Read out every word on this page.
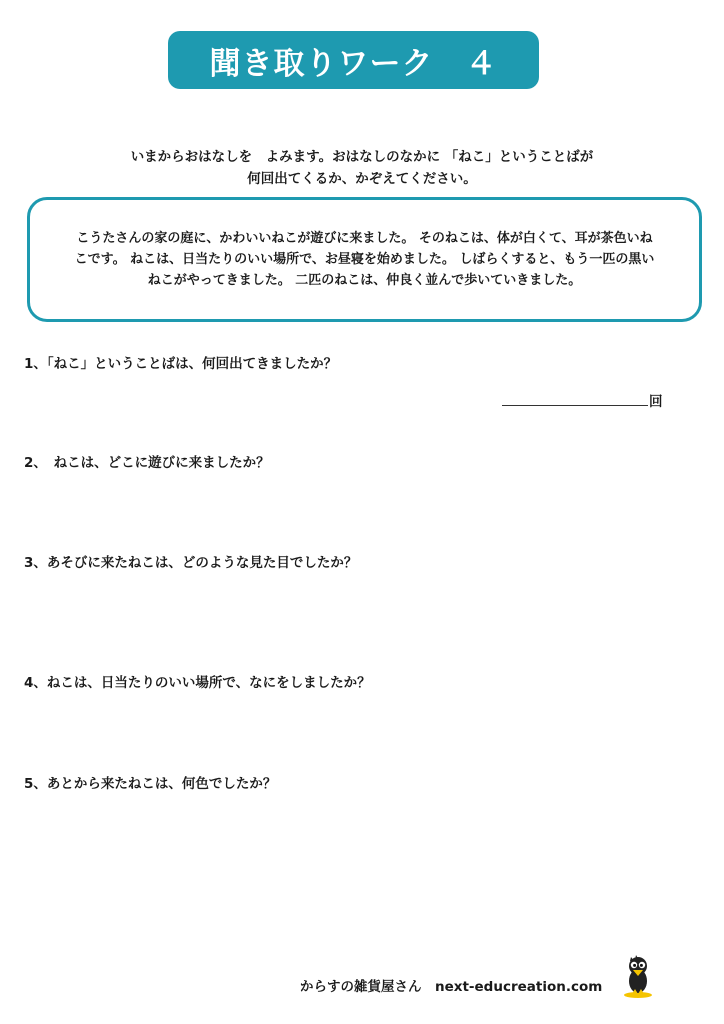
聞き取りワーク　４
いまからおはなしを　よみます。おはなしのなかに 「ねこ」ということばが
何回出てくるか、かぞえてください。
こうたさんの家の庭に、かわいいねこが遊びに来ました。 そのねこは、体が白くて、耳が茶色いね
こです。 ねこは、日当たりのいい場所で、お昼寝を始めました。 しばらくすると、もう一匹の黒い
ねこがやってきました。 二匹のねこは、仲良く並んで歩いていきました。
1、「ねこ」ということばは、何回出てきましたか？
回
2、　ねこは、どこに遊びに来ましたか？
3、あそびに来たねこは、どのような見た目でしたか？
4、ねこは、日当たりのいい場所で、なにをしましたか？
5、あとから来たねこは、何色でしたか？
からすの雑貨屋さん　next-educreation.com
